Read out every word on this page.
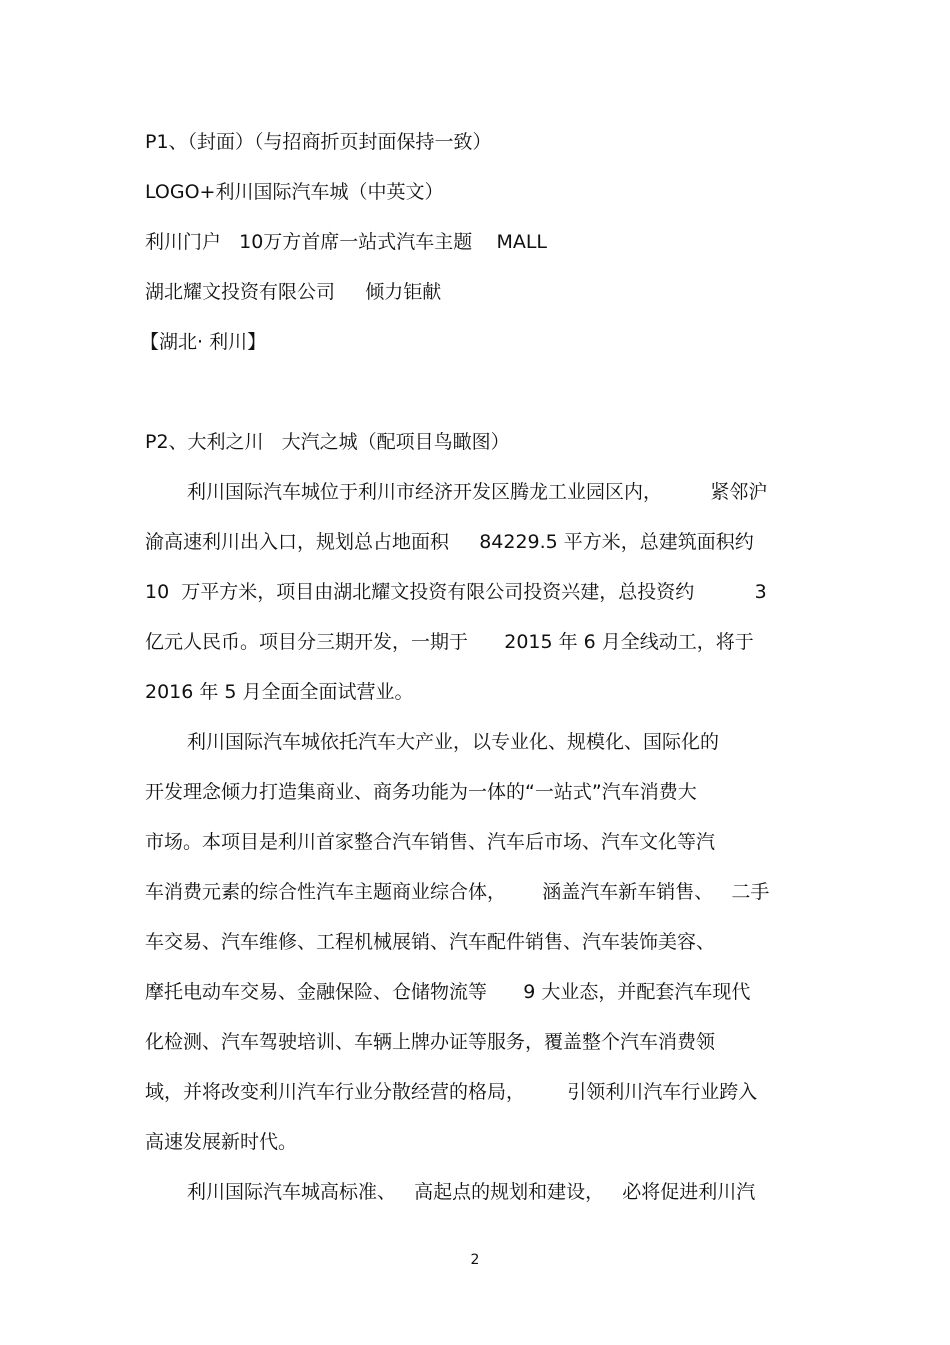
P1、（封面）（与招商折页封面保持一致）

LOGO+利川国际汽车城（中英文）

利川门户   10万方首席一站式汽车主题    MALL

湖北耀文投资有限公司     倾力钜献

【湖北· 利川】

P2、大利之川   大汽之城（配项目鸟瞰图）

利川国际汽车城位于利川市经济开发区腾龙工业园区内，        紧邻沪

渝高速利川出入口，规划总占地面积     84229.5 平方米，总建筑面积约

10  万平方米，项目由湖北耀文投资有限公司投资兴建，总投资约          3

亿元人民币。项目分三期开发，一期于      2015 年 6 月全线动工，将于

2016 年 5 月全面全面试营业。

利川国际汽车城依托汽车大产业，以专业化、规模化、国际化的

开发理念倾力打造集商业、商务功能为一体的“一站式”汽车消费大

市场。本项目是利川首家整合汽车销售、汽车后市场、汽车文化等汽

车消费元素的综合性汽车主题商业综合体，      涵盖汽车新车销售、   二手

车交易、汽车维修、工程机械展销、汽车配件销售、汽车装饰美容、

摩托电动车交易、金融保险、仓储物流等      9 大业态，并配套汽车现代

化检测、汽车驾驶培训、车辆上牌办证等服务，覆盖整个汽车消费领

域，并将改变利川汽车行业分散经营的格局，       引领利川汽车行业跨入

高速发展新时代。

利川国际汽车城高标准、   高起点的规划和建设，   必将促进利川汽

2
